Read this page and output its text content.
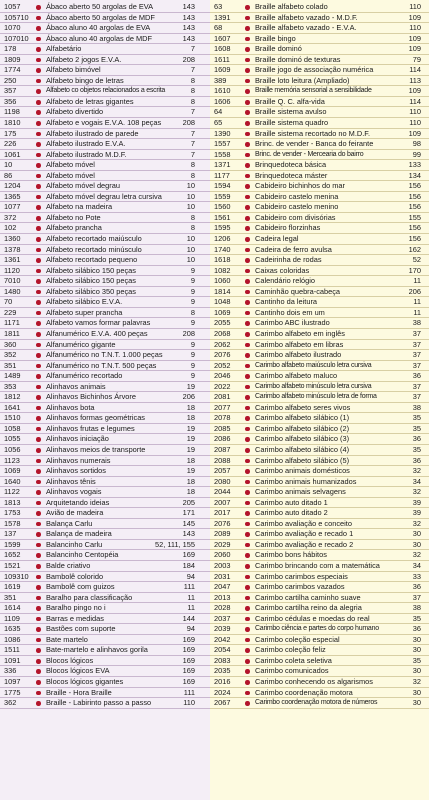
1057	Ábaco aberto 50 argolas de EVA	143
105710 Ábaco aberto 50 argolas de MDF	143
1070	Ábaco aluno 40 argolas de EVA	143
107010 Ábaco aluno 40 argolas de MDF	143
178	Alfabetário	7
1809	Alfabeto 2 jogos E.V.A.	208
1774	Alfabeto bimóvel	7
250	Alfabeto bingo de letras	8
357	Alfabeto co objetos relacionados a escrita	8
356	Alfabeto de letras gigantes	8
1198	Alfabeto divertido	7
1810	Alfabeto e vogais E.V.A. 108 peças	208
175	Alfabeto ilustrado de parede	7
226	Alfabeto ilustrado E.V.A.	7
1061	Alfabeto ilustrado M.D.F.	7
10	Alfabeto móvel	8
86	Alfabeto móvel	8
1204	Alfabeto móvel degrau	10
1365	Alfabeto móvel degrau letra cursiva	10
1077	Alfabeto na madeira	10
372	Alfabeto no Pote	8
102	Alfabeto prancha	8
1360	Alfabeto recortado maiúsculo	10
1378	Alfabeto recortado minúsculo	10
1361	Alfabeto recortado pequeno	10
1120	Alfabeto silábico 150 peças	9
7010	Alfabeto silábico 150 peças	9
1480	Alfabeto silábico 350 peças	9
70	Alfabeto silábico E.V.A.	9
229	Alfabeto super prancha	8
1171	Alfabeto vamos formar palavras	9
1811	Alfanumérico E.V.A. 400 peças	208
360	Alfanumérico gigante	9
352	Alfanumérico no T.N.T. 1.000 peças	9
351	Alfanumérico no T.N.T. 500 peças	9
1489	Alfanumérico recortado	9
353	Alinhavos animais	19
1812	Alinhavos Bichinhos Árvore	206
1641	Alinhavos bota	18
1510	Alinhavos formas geométricas	18
1058	Alinhavos frutas e legumes	19
1055	Alinhavos iniciação	19
1056	Alinhavos meios de transporte	19
1123	Alinhavos numerais	18
1069	Alinhavos sortidos	19
1640	Alinhavos tênis	18
1122	Alinhavos vogais	18
1813	Arquitetando ideias	205
1753	Avião de madeira	171
1578	Balança Carlu	145
137	Balança de madeira	143
1599	Balancinho Carlu	52, 111, 155
1652	Balancinho Centopéia	169
1521	Balde criativo	184
109310 Bambolê colorido	94
1619	Bambolê com guizos	111
351	Baralho para classificação	11
1614	Baralho pingo no i	11
1109	Barras e medidas	144
1635	Bastões com suporte	94
1086	Bate martelo	169
1511	Bate-martelo e alinhavos gorila	169
1091	Blocos lógicos	169
336	Blocos lógicos EVA	169
1097	Blocos lógicos gigantes	169
1775	Braille - Hora Braille	111
362	Braille - Labirinto passo a passo	110
63	Braille alfabeto colado	110
1391	Braille alfabeto vazado - M.D.F.	109
68	Braille alfabeto vazado - E.V.A.	110
1607	Braille bingo	109
1608	Braille dominó	109
1611	Braille dominó de texturas	79
1609	Braille jogo de associação numérica	114
389	Braille loto leitura (Ampliado)	113
1610	Braille memória sensorial a sensibilidade	109
1606	Braille Q. C. alfa-vida	114
64	Braille sistema avulso	110
65	Braille sistema quadro	110
1390	Braille sistema recortado no M.D.F.	109
1557	Brinc. de vender - Banca do feirante	98
1558	Brinc. de vender - Mercearia do bairro	99
1371	Brinquedoteca básica	133
1177	Brinquedoteca máster	134
1594	Cabideiro bichinhos do mar	156
1559	Cabideiro castelo menina	156
1560	Cabideiro castelo menino	156
1561	Cabideiro com divisórias	155
1595	Cabideiro florzinhas	156
1206	Cadeira legal	156
1740	Cadeira de ferro avulsa	162
1618	Cadeirinha de rodas	52
1082	Caixas coloridas	170
1060	Calendário relógio	11
1814	Caminhão quebra-cabeça	206
1048	Cantinho da leitura	11
1069	Cantinho dois em um	11
2055	Carimbo ABC ilustrado	38
2068	Carimbo alfabeto em inglês	37
2062	Carimbo alfabeto em libras	37
2076	Carimbo alfabeto ilustrado	37
2052	Carimbo alfabeto maiúsculo letra cursiva	37
2046	Carimbo alfabeto maluco	36
2022	Carimbo alfabeto minúsculo letra cursiva	37
2081	Carimbo alfabeto minúsculo letra de forma	37
2077	Carimbo alfabeto seres vivos	38
2078	Carimbo alfabeto silábico (1)	35
2085	Carimbo alfabeto silábico (2)	35
2086	Carimbo alfabeto silábico (3)	36
2087	Carimbo alfabeto silábico (4)	35
2088	Carimbo alfabeto silábico (5)	36
2057	Carimbo animais domésticos	32
2080	Carimbo animais humanizados	34
2044	Carimbo animais selvagens	32
2007	Carimbo auto ditado 1	39
2017	Carimbo auto ditado 2	39
2076	Carimbo avaliação e conceito	32
2089	Carimbo avaliação e recado 1	30
2029	Carimbo avaliação e recado 2	30
2060	Carimbo bons hábitos	32
2003	Carimbo brincando com a matemática	34
2031	Carimbo carimbos especiais	33
2047	Carimbo carimbos vazados	36
2013	Carimbo cartilha caminho suave	37
2028	Carimbo cartilha reino da alegria	38
2037	Carimbo cédulas e moedas do real	35
2039	Carimbo ciência e partes do corpo humano	36
2042	Carimbo coleção especial	30
2054	Carimbo coleção feliz	30
2083	Carimbo coleta seletiva	35
2035	Carimbo comunicados	30
2016	Carimbo conhecendo os algarismos	32
2024	Carimbo coordenação motora	30
2067	Carimbo coordenação motora de números	30
